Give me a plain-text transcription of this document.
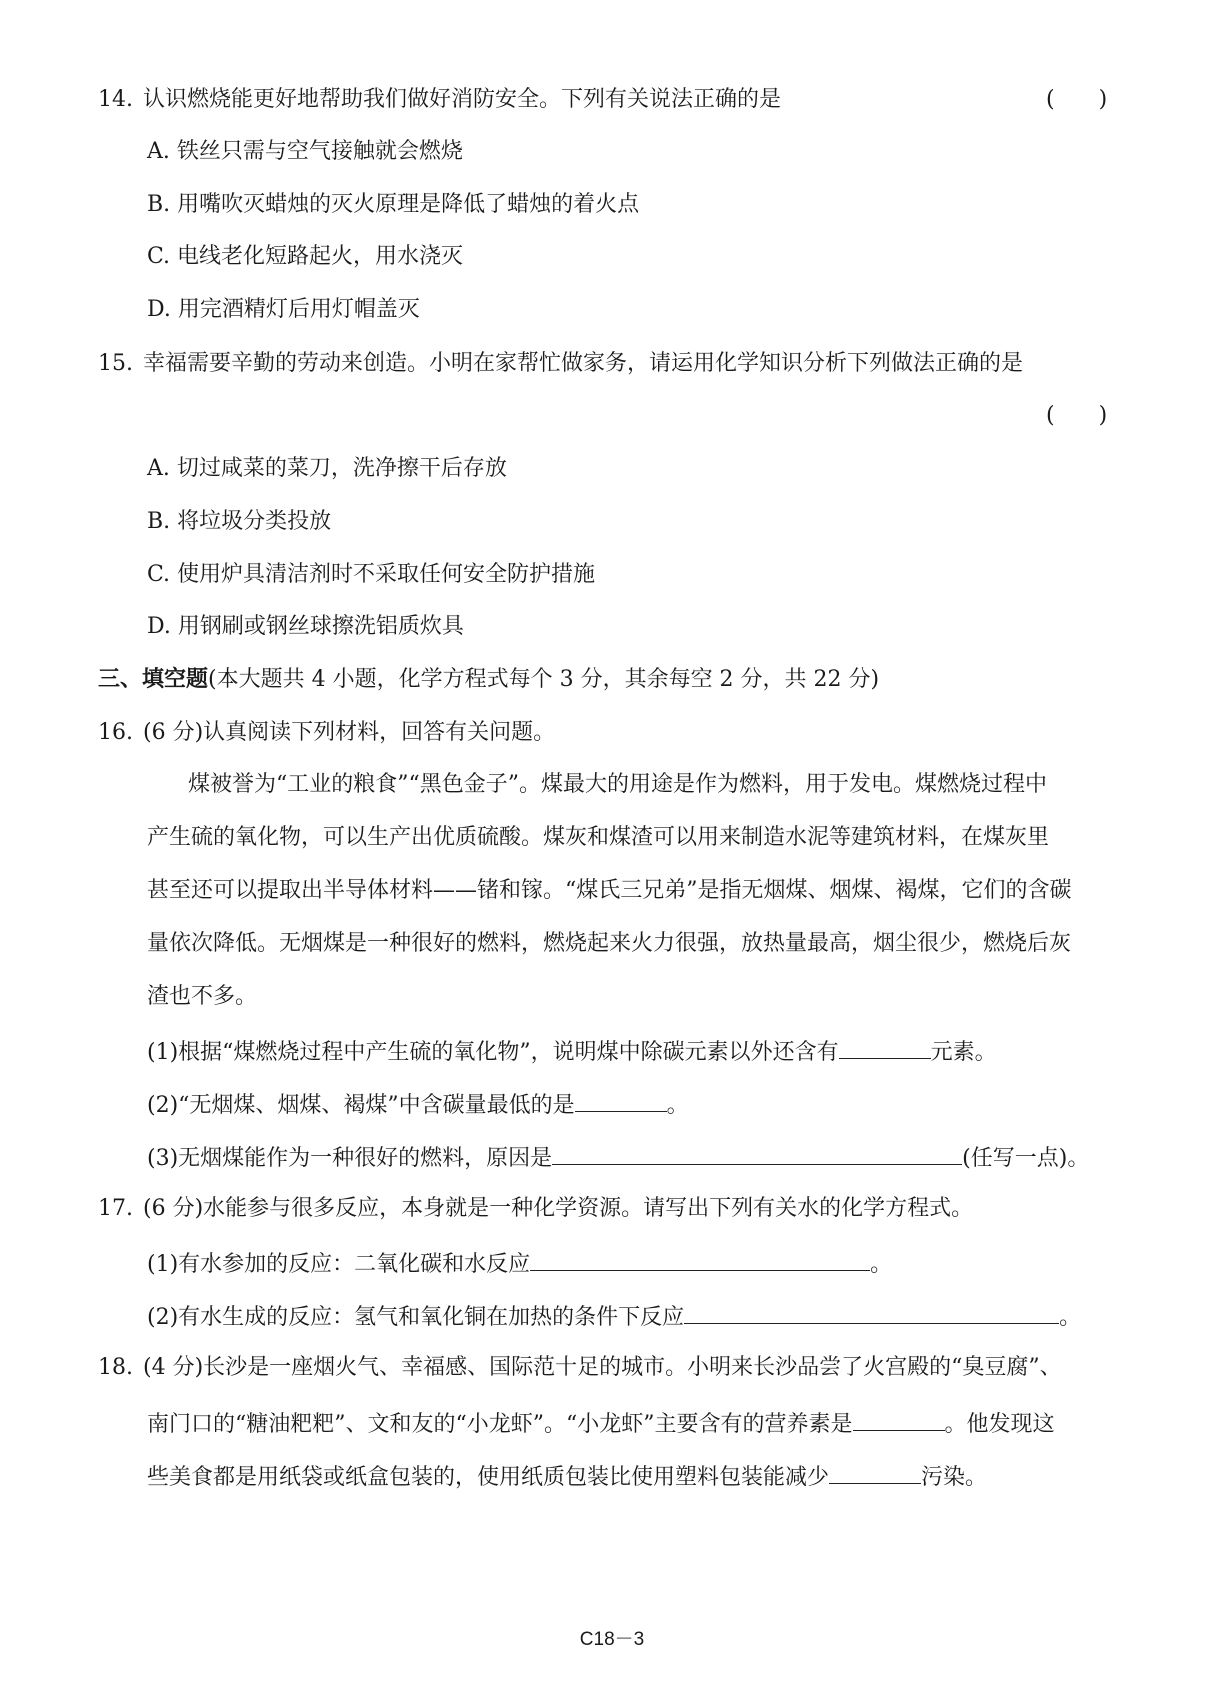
14. 认识燃烧能更好地帮助我们做好消防安全。下列有关说法正确的是	(　　)
A. 铁丝只需与空气接触就会燃烧
B. 用嘴吹灭蜡烛的灭火原理是降低了蜡烛的着火点
C. 电线老化短路起火，用水浇灭
D. 用完酒精灯后用灯帽盖灭
15. 幸福需要辛勤的劳动来创造。小明在家帮忙做家务，请运用化学知识分析下列做法正确的是
(　　)
A. 切过咸菜的菜刀，洗净擦干后存放
B. 将垃圾分类投放
C. 使用炉具清洁剂时不采取任何安全防护措施
D. 用钢刷或钢丝球擦洗铝质炊具
三、填空题(本大题共 4 小题，化学方程式每个 3 分，其余每空 2 分，共 22 分)
16. (6 分)认真阅读下列材料，回答有关问题。
煤被誉为“工业的粮食”“黑色金子”。煤最大的用途是作为燃料，用于发电。煤燃烧过程中
产生硫的氧化物，可以生产出优质硫酸。煤灰和煤渣可以用来制造水泥等建筑材料，在煤灰里
甚至还可以提取出半导体材料——锗和镓。“煤氏三兄弟”是指无烟煤、烟煤、褐煤，它们的含碳
量依次降低。无烟煤是一种很好的燃料，燃烧起来火力很强，放热量最高，烟尘很少，燃烧后灰
渣也不多。
(1)根据“煤燃烧过程中产生硫的氧化物”，说明煤中除碳元素以外还含有	元素。
(2)“无烟煤、烟煤、褐煤”中含碳量最低的是	。
(3)无烟煤能作为一种很好的燃料，原因是	(任写一点)。
17. (6 分)水能参与很多反应，本身就是一种化学资源。请写出下列有关水的化学方程式。
(1)有水参加的反应：二氧化碳和水反应	。
(2)有水生成的反应：氢气和氧化铜在加热的条件下反应	。
18. (4 分)长沙是一座烟火气、幸福感、国际范十足的城市。小明来长沙品尝了火宫殿的“臭豆腐”、
南门口的“糖油粑粑”、文和友的“小龙虾”。“小龙虾”主要含有的营养素是	。他发现这
些美食都是用纸袋或纸盒包装的，使用纸质包装比使用塑料包装能减少	污染。
C18－3
